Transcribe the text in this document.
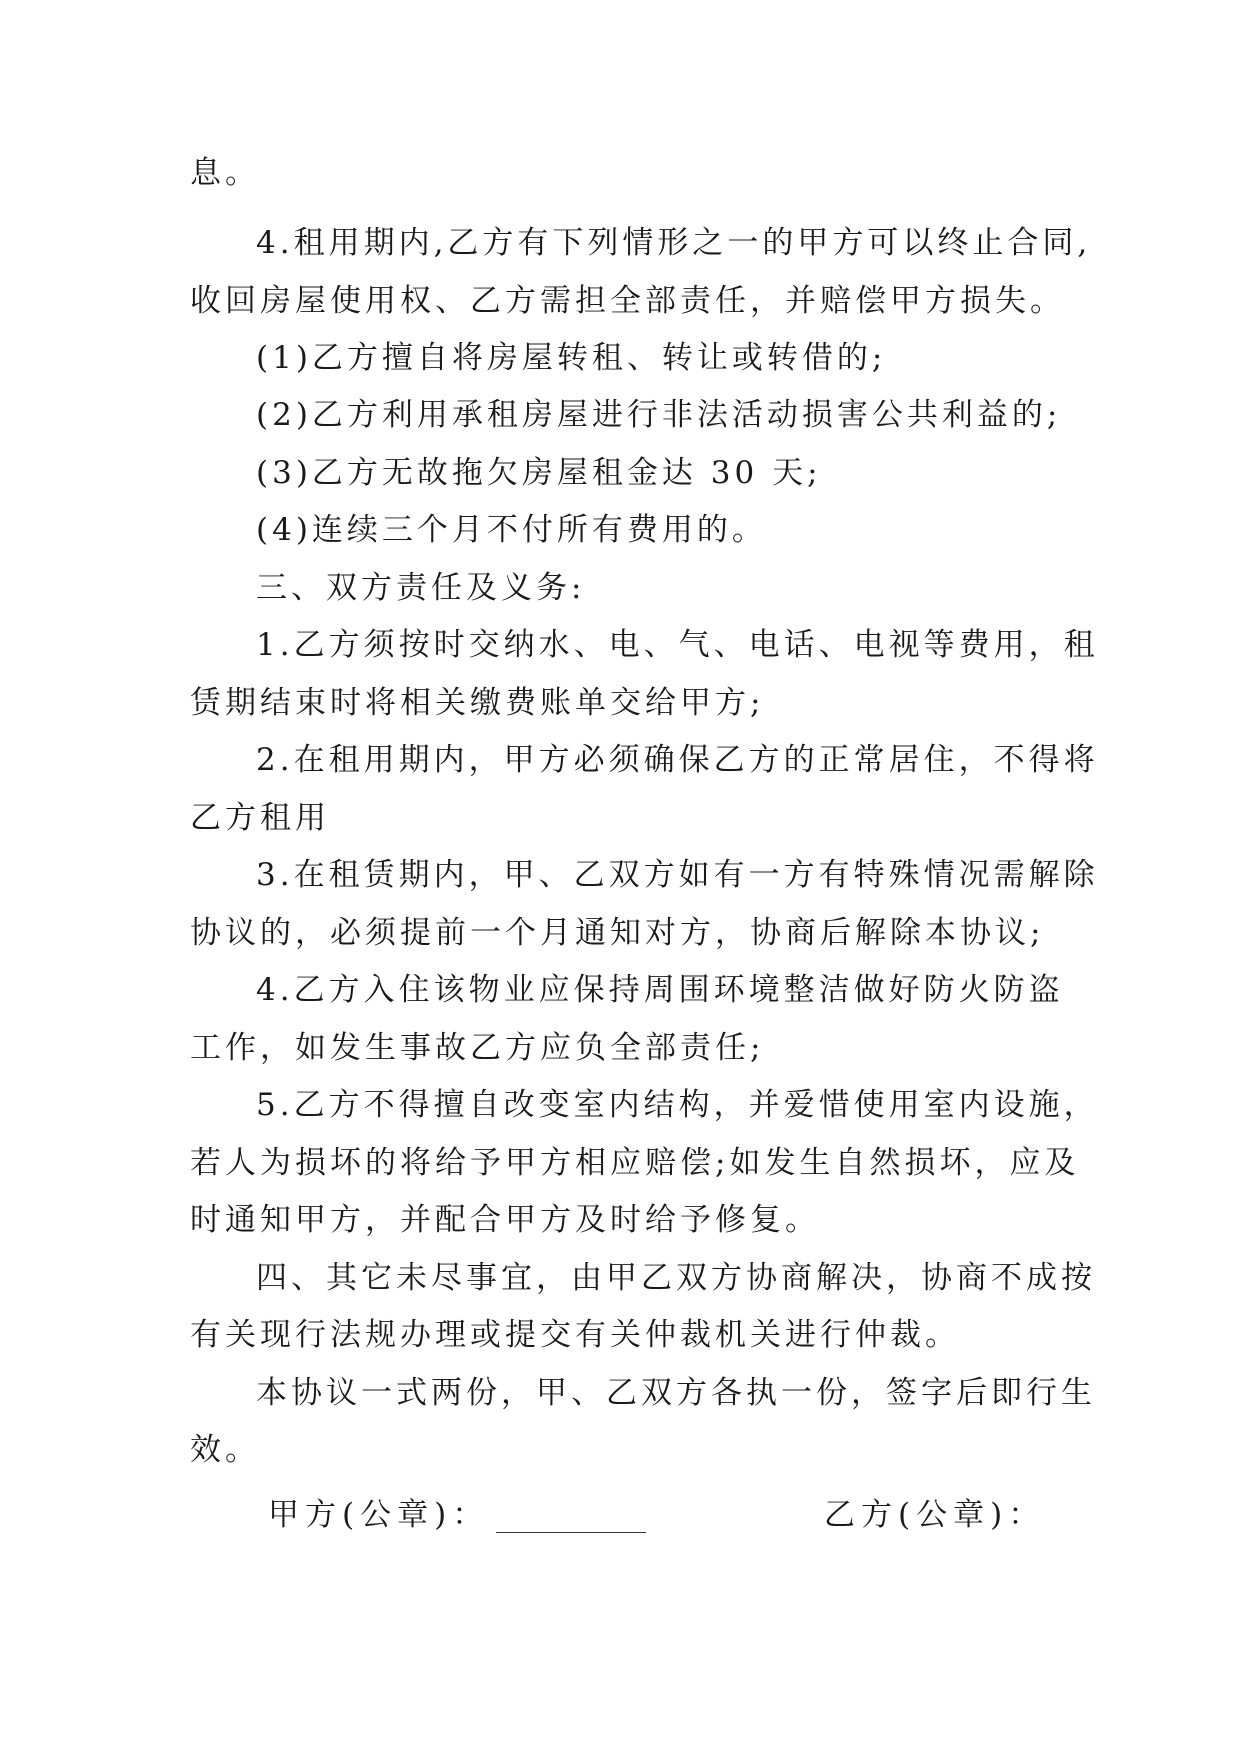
息。
4.租用期内,乙方有下列情形之一的甲方可以终止合同,
收回房屋使用权、乙方需担全部责任，并赔偿甲方损失。
(1)乙方擅自将房屋转租、转让或转借的;
(2)乙方利用承租房屋进行非法活动损害公共利益的;
(3)乙方无故拖欠房屋租金达 30 天;
(4)连续三个月不付所有费用的。
三、双方责任及义务:
1.乙方须按时交纳水、电、气、电话、电视等费用，租
赁期结束时将相关缴费账单交给甲方;
2.在租用期内，甲方必须确保乙方的正常居住，不得将
乙方租用
3.在租赁期内，甲、乙双方如有一方有特殊情况需解除
协议的，必须提前一个月通知对方，协商后解除本协议;
4.乙方入住该物业应保持周围环境整洁做好防火防盗
工作，如发生事故乙方应负全部责任;
5.乙方不得擅自改变室内结构，并爱惜使用室内设施，
若人为损坏的将给予甲方相应赔偿;如发生自然损坏，应及
时通知甲方，并配合甲方及时给予修复。
四、其它未尽事宜，由甲乙双方协商解决，协商不成按
有关现行法规办理或提交有关仲裁机关进行仲裁。
本协议一式两份，甲、乙双方各执一份，签字后即行生
效。
甲方(公章)：	乙方(公章)：
